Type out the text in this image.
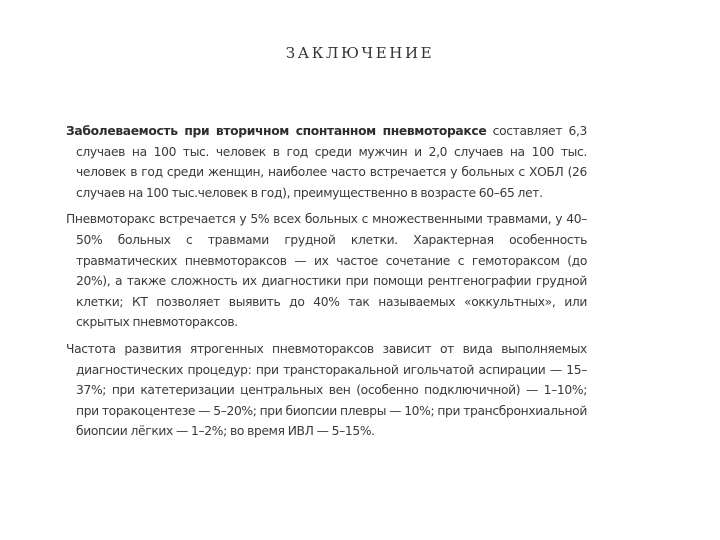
ЗАКЛЮЧЕНИЕ

Заболеваемость при вторичном спонтанном пневмотораксе составляет 6,3 случаев на 100 тыс. человек в год среди мужчин и 2,0 случаев на 100 тыс. человек в год среди женщин, наиболее часто встречается у больных с ХОБЛ (26 случаев на 100 тыс.человек в год), преимущественно в возрасте 60–65 лет.

Пневмоторакс встречается у 5% всех больных с множественными травмами, у 40–50% больных с травмами грудной клетки. Характерная особенность травматических пневмотораксов — их частое сочетание с гемотораксом (до 20%), а также сложность их диагностики при помощи рентгенографии грудной клетки; КТ позволяет выявить до 40% так называемых «оккультных», или скрытых пневмотораксов.

Частота развития ятрогенных пневмотораксов зависит от вида выполняемых диагностических процедур: при трансторакальной игольчатой аспирации — 15–37%; при катетеризации центральных вен (особенно подключичной) — 1–10%; при торакоцентезе — 5–20%; при биопсии плевры — 10%; при трансбронхиальной биопсии лёгких — 1–2%; во время ИВЛ — 5–15%.
